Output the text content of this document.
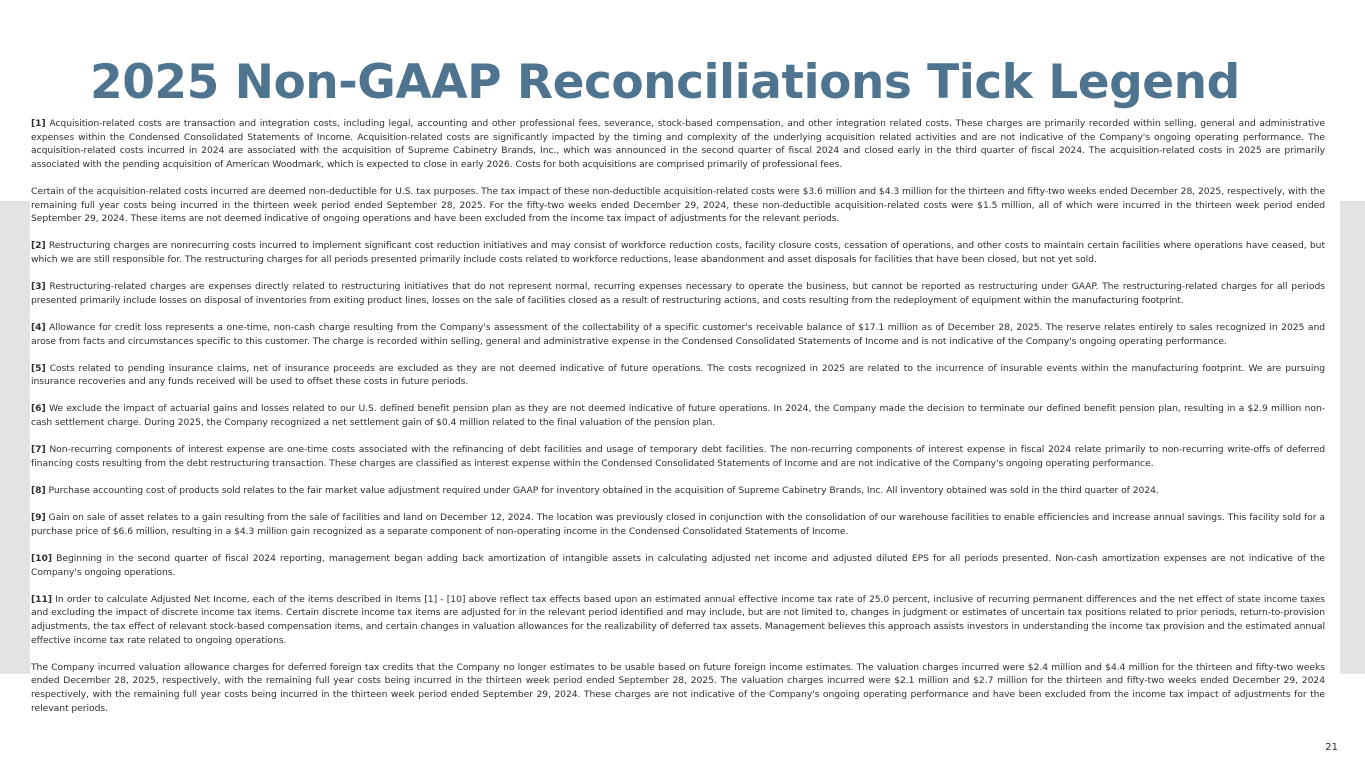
2025 Non-GAAP Reconciliations Tick Legend

[1] Acquisition-related costs are transaction and integration costs, including legal, accounting and other professional fees, severance, stock-based compensation, and other integration related costs. These charges are primarily recorded within selling, general and administrative expenses within the Condensed Consolidated Statements of Income. Acquisition-related costs are significantly impacted by the timing and complexity of the underlying acquisition related activities and are not indicative of the Company's ongoing operating performance. The acquisition-related costs incurred in 2024 are associated with the acquisition of Supreme Cabinetry Brands, Inc., which was announced in the second quarter of fiscal 2024 and closed early in the third quarter of fiscal 2024. The acquisition-related costs in 2025 are primarily associated with the pending acquisition of American Woodmark, which is expected to close in early 2026. Costs for both acquisitions are comprised primarily of professional fees.

Certain of the acquisition-related costs incurred are deemed non-deductible for U.S. tax purposes. The tax impact of these non-deductible acquisition-related costs were $3.6 million and $4.3 million for the thirteen and fifty-two weeks ended December 28, 2025, respectively, with the remaining full year costs being incurred in the thirteen week period ended September 28, 2025. For the fifty-two weeks ended December 29, 2024, these non-deductible acquisition-related costs were $1.5 million, all of which were incurred in the thirteen week period ended September 29, 2024. These items are not deemed indicative of ongoing operations and have been excluded from the income tax impact of adjustments for the relevant periods.

[2] Restructuring charges are nonrecurring costs incurred to implement significant cost reduction initiatives and may consist of workforce reduction costs, facility closure costs, cessation of operations, and other costs to maintain certain facilities where operations have ceased, but which we are still responsible for. The restructuring charges for all periods presented primarily include costs related to workforce reductions, lease abandonment and asset disposals for facilities that have been closed, but not yet sold.

[3] Restructuring-related charges are expenses directly related to restructuring initiatives that do not represent normal, recurring expenses necessary to operate the business, but cannot be reported as restructuring under GAAP. The restructuring-related charges for all periods presented primarily include losses on disposal of inventories from exiting product lines, losses on the sale of facilities closed as a result of restructuring actions, and costs resulting from the redeployment of equipment within the manufacturing footprint.

[4] Allowance for credit loss represents a one-time, non-cash charge resulting from the Company's assessment of the collectability of a specific customer's receivable balance of $17.1 million as of December 28, 2025. The reserve relates entirely to sales recognized in 2025 and arose from facts and circumstances specific to this customer. The charge is recorded within selling, general and administrative expense in the Condensed Consolidated Statements of Income and is not indicative of the Company's ongoing operating performance.

[5] Costs related to pending insurance claims, net of insurance proceeds are excluded as they are not deemed indicative of future operations. The costs recognized in 2025 are related to the incurrence of insurable events within the manufacturing footprint. We are pursuing insurance recoveries and any funds received will be used to offset these costs in future periods.

[6] We exclude the impact of actuarial gains and losses related to our U.S. defined benefit pension plan as they are not deemed indicative of future operations. In 2024, the Company made the decision to terminate our defined benefit pension plan, resulting in a $2.9 million non-cash settlement charge. During 2025, the Company recognized a net settlement gain of $0.4 million related to the final valuation of the pension plan.

[7] Non-recurring components of interest expense are one-time costs associated with the refinancing of debt facilities and usage of temporary debt facilities. The non-recurring components of interest expense in fiscal 2024 relate primarily to non-recurring write-offs of deferred financing costs resulting from the debt restructuring transaction. These charges are classified as interest expense within the Condensed Consolidated Statements of Income and are not indicative of the Company's ongoing operating performance.

[8] Purchase accounting cost of products sold relates to the fair market value adjustment required under GAAP for inventory obtained in the acquisition of Supreme Cabinetry Brands, Inc. All inventory obtained was sold in the third quarter of 2024.

[9] Gain on sale of asset relates to a gain resulting from the sale of facilities and land on December 12, 2024. The location was previously closed in conjunction with the consolidation of our warehouse facilities to enable efficiencies and increase annual savings. This facility sold for a purchase price of $6.6 million, resulting in a $4.3 million gain recognized as a separate component of non-operating income in the Condensed Consolidated Statements of Income.

[10] Beginning in the second quarter of fiscal 2024 reporting, management began adding back amortization of intangible assets in calculating adjusted net income and adjusted diluted EPS for all periods presented. Non-cash amortization expenses are not indicative of the Company's ongoing operations.

[11] In order to calculate Adjusted Net Income, each of the items described in Items [1] - [10] above reflect tax effects based upon an estimated annual effective income tax rate of 25.0 percent, inclusive of recurring permanent differences and the net effect of state income taxes and excluding the impact of discrete income tax items. Certain discrete income tax items are adjusted for in the relevant period identified and may include, but are not limited to, changes in judgment or estimates of uncertain tax positions related to prior periods, return-to-provision adjustments, the tax effect of relevant stock-based compensation items, and certain changes in valuation allowances for the realizability of deferred tax assets. Management believes this approach assists investors in understanding the income tax provision and the estimated annual effective income tax rate related to ongoing operations.

The Company incurred valuation allowance charges for deferred foreign tax credits that the Company no longer estimates to be usable based on future foreign income estimates. The valuation charges incurred were $2.4 million and $4.4 million for the thirteen and fifty-two weeks ended December 28, 2025, respectively, with the remaining full year costs being incurred in the thirteen week period ended September 28, 2025. The valuation charges incurred were $2.1 million and $2.7 million for the thirteen and fifty-two weeks ended December 29, 2024 respectively, with the remaining full year costs being incurred in the thirteen week period ended September 29, 2024. These charges are not indicative of the Company's ongoing operating performance and have been excluded from the income tax impact of adjustments for the relevant periods.

21
